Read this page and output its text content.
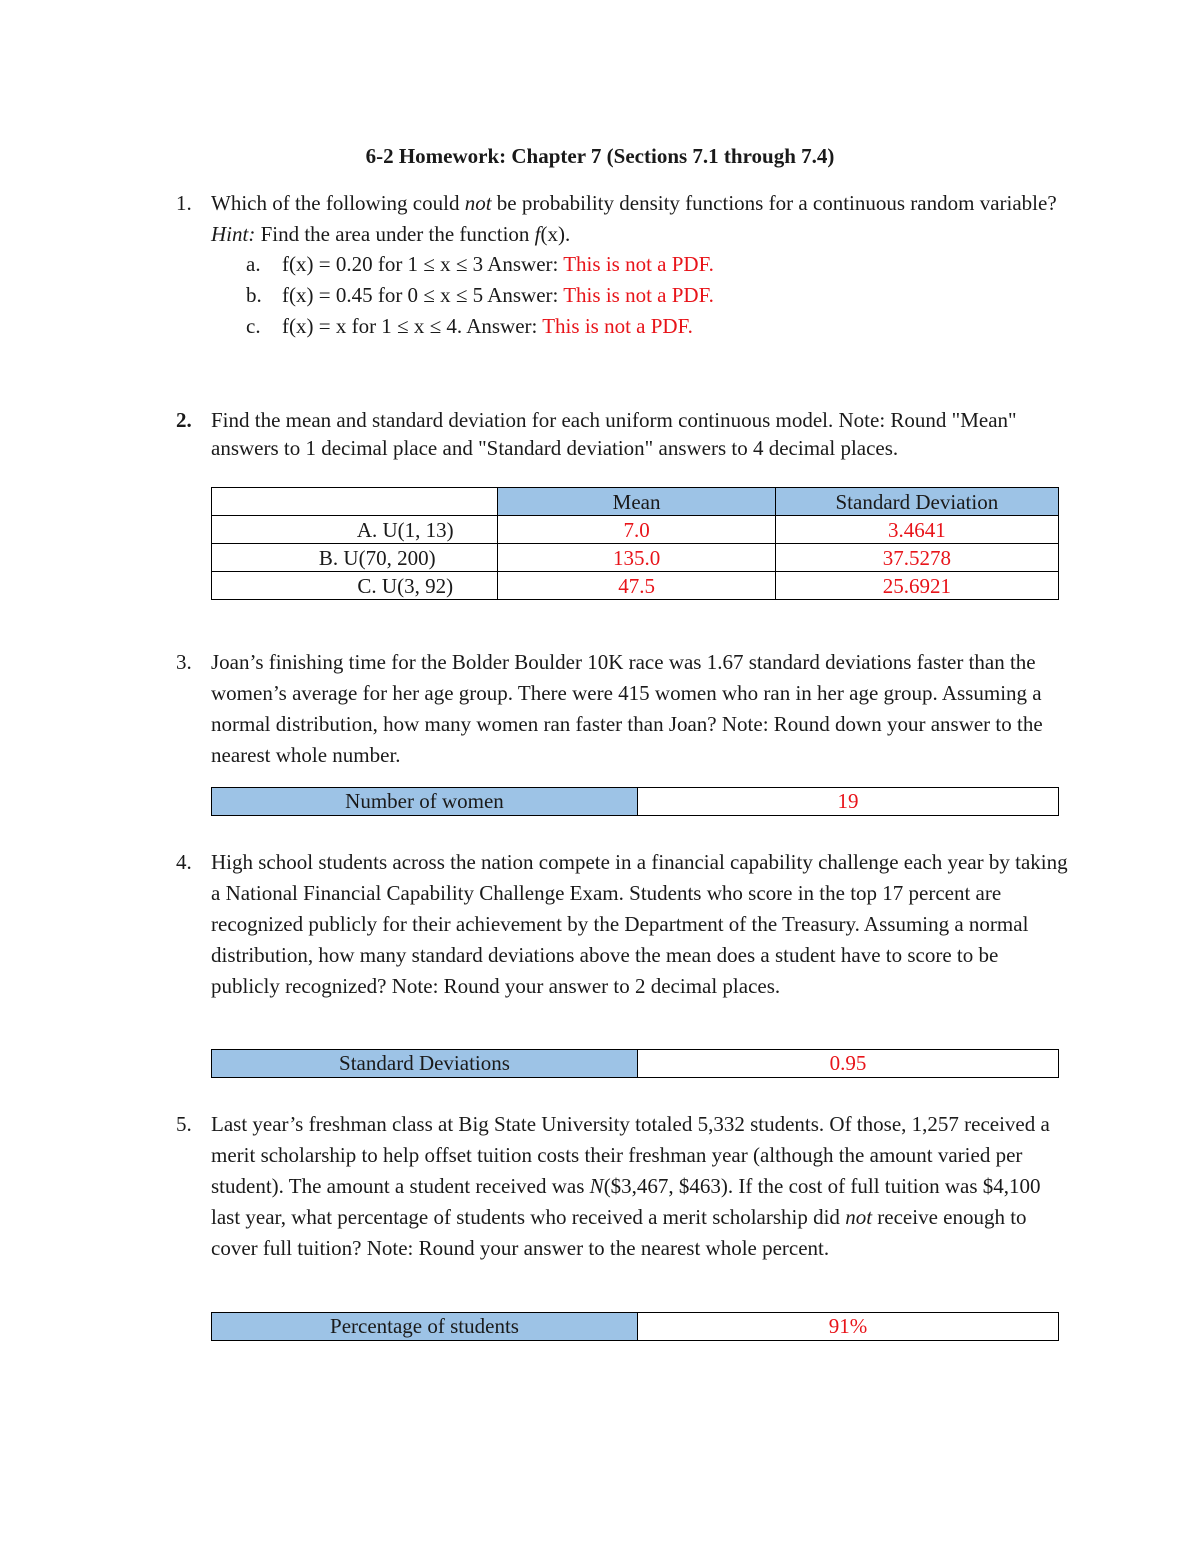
6-2 Homework: Chapter 7 (Sections 7.1 through 7.4)
1. Which of the following could not be probability density functions for a continuous random variable? Hint: Find the area under the function f(x).
a. f(x) = 0.20 for 1 ≤ x ≤ 3 Answer: This is not a PDF.
b. f(x) = 0.45 for 0 ≤ x ≤ 5 Answer: This is not a PDF.
c. f(x) = x for 1 ≤ x ≤ 4. Answer: This is not a PDF.
2. Find the mean and standard deviation for each uniform continuous model. Note: Round "Mean" answers to 1 decimal place and "Standard deviation" answers to 4 decimal places.
	Mean	Standard Deviation
A. U(1, 13)	7.0	3.4641
B. U(70, 200)	135.0	37.5278
C. U(3, 92)	47.5	25.6921
3. Joan’s finishing time for the Bolder Boulder 10K race was 1.67 standard deviations faster than the women’s average for her age group. There were 415 women who ran in her age group. Assuming a normal distribution, how many women ran faster than Joan? Note: Round down your answer to the nearest whole number.
Number of women	19
4. High school students across the nation compete in a financial capability challenge each year by taking a National Financial Capability Challenge Exam. Students who score in the top 17 percent are recognized publicly for their achievement by the Department of the Treasury. Assuming a normal distribution, how many standard deviations above the mean does a student have to score to be publicly recognized? Note: Round your answer to 2 decimal places.
Standard Deviations	0.95
5. Last year’s freshman class at Big State University totaled 5,332 students. Of those, 1,257 received a merit scholarship to help offset tuition costs their freshman year (although the amount varied per student). The amount a student received was N($3,467, $463). If the cost of full tuition was $4,100 last year, what percentage of students who received a merit scholarship did not receive enough to cover full tuition? Note: Round your answer to the nearest whole percent.
Percentage of students	91%
